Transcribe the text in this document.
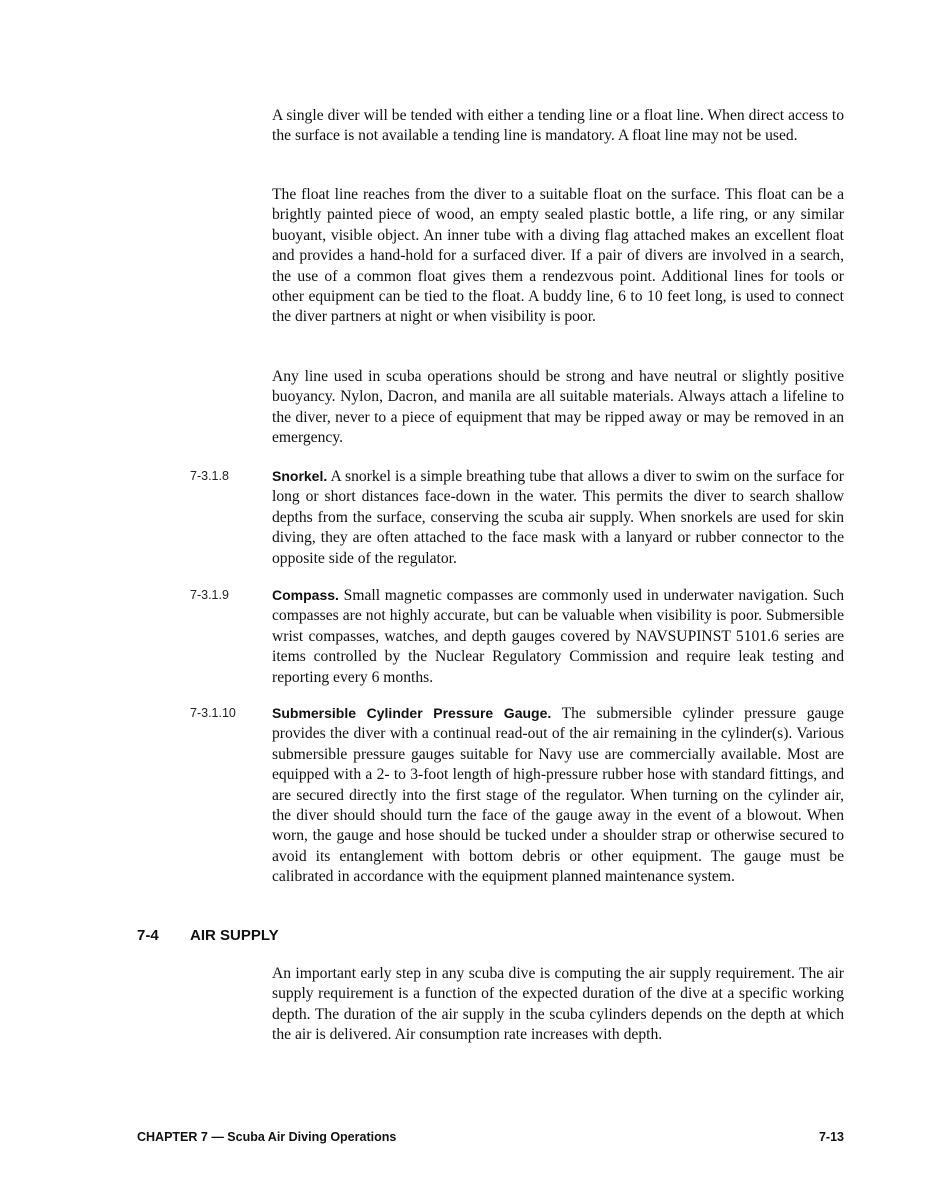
A single diver will be tended with either a tending line or a float line. When direct access to the surface is not available a tending line is mandatory. A float line may not be used.

The float line reaches from the diver to a suitable float on the surface. This float can be a brightly painted piece of wood, an empty sealed plastic bottle, a life ring, or any similar buoyant, visible object. An inner tube with a diving flag attached makes an excellent float and provides a hand-hold for a surfaced diver. If a pair of divers are involved in a search, the use of a common float gives them a rendezvous point. Additional lines for tools or other equipment can be tied to the float. A buddy line, 6 to 10 feet long, is used to connect the diver partners at night or when visibility is poor.

Any line used in scuba operations should be strong and have neutral or slightly positive buoyancy. Nylon, Dacron, and manila are all suitable materials. Always attach a lifeline to the diver, never to a piece of equipment that may be ripped away or may be removed in an emergency.

7-3.1.8	Snorkel. A snorkel is a simple breathing tube that allows a diver to swim on the surface for long or short distances face-down in the water. This permits the diver to search shallow depths from the surface, conserving the scuba air supply. When snorkels are used for skin diving, they are often attached to the face mask with a lanyard or rubber connector to the opposite side of the regulator.

7-3.1.9	Compass. Small magnetic compasses are commonly used in underwater navigation. Such compasses are not highly accurate, but can be valuable when visibility is poor. Submersible wrist compasses, watches, and depth gauges covered by NAVSUPINST 5101.6 series are items controlled by the Nuclear Regulatory Commission and require leak testing and reporting every 6 months.

7-3.1.10	Submersible Cylinder Pressure Gauge. The submersible cylinder pressure gauge provides the diver with a continual read-out of the air remaining in the cylinder(s). Various submersible pressure gauges suitable for Navy use are commercially available. Most are equipped with a 2- to 3-foot length of high-pressure rubber hose with standard fittings, and are secured directly into the first stage of the regulator. When turning on the cylinder air, the diver should should turn the face of the gauge away in the event of a blowout. When worn, the gauge and hose should be tucked under a shoulder strap or otherwise secured to avoid its entanglement with bottom debris or other equipment. The gauge must be calibrated in accordance with the equipment planned maintenance system.

7-4 AIR SUPPLY

An important early step in any scuba dive is computing the air supply requirement. The air supply requirement is a function of the expected duration of the dive at a specific working depth. The duration of the air supply in the scuba cylinders depends on the depth at which the air is delivered. Air consumption rate increases with depth.

CHAPTER 7 — Scuba Air Diving Operations	7-13
